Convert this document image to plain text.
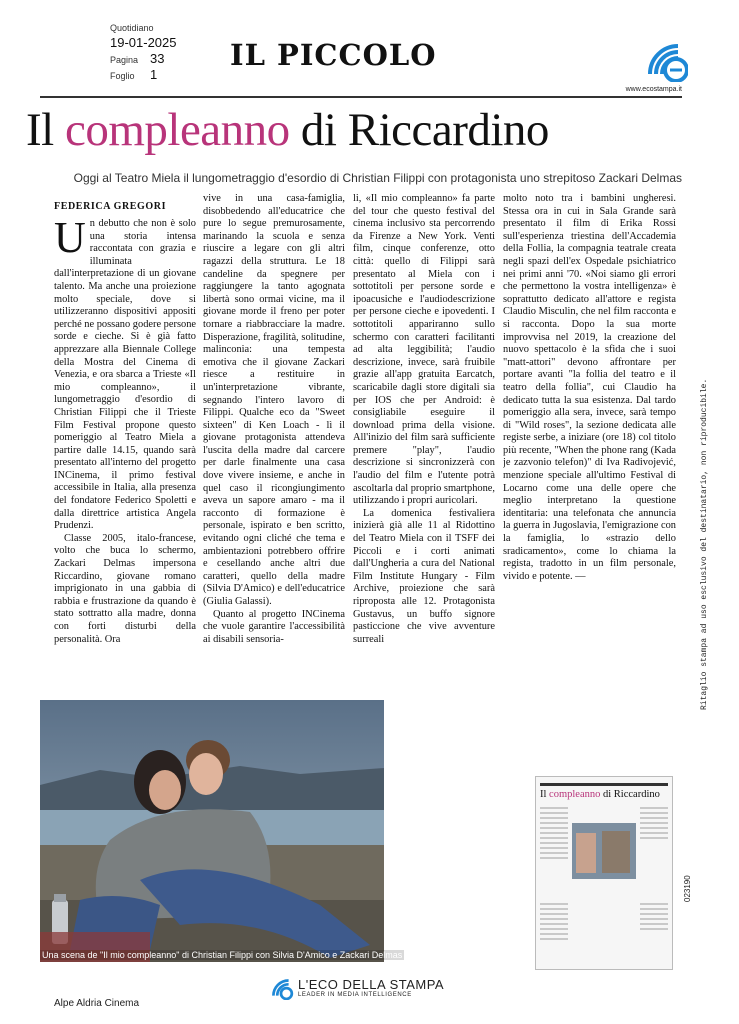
Quotidiano
19-01-2025
Pagina 33
Foglio 1
IL PICCOLO
www.ecostampa.it
Il compleanno di Riccardino
Oggi al Teatro Miela il lungometraggio d'esordio di Christian Filippi con protagonista uno strepitoso Zackari Delmas
FEDERICA GREGORI

Un debutto che non è solo una storia intensa raccontata con grazia e illuminata dall'interpretazione di un giovane talento. Ma anche una proiezione molto speciale, dove si utilizzeranno dispositivi appositi perché ne possano godere persone sorde e cieche. Si è già fatto apprezzare alla Biennale College della Mostra del Cinema di Venezia, e ora sbarca a Trieste «Il mio compleanno», il lungometraggio d'esordio di Christian Filippi che il Trieste Film Festival propone questo pomeriggio al Teatro Miela a partire dalle 14.15, quando sarà presentato all'interno del progetto INCinema, il primo festival accessibile in Italia, alla presenza del fondatore Federico Spoletti e dalla direttrice artistica Angela Prudenzi.

Classe 2005, italo-francese, volto che buca lo schermo, Zackari Delmas impersona Riccardino, giovane romano imprigionato in una gabbia di rabbia e frustrazione da quando è stato sottratto alla madre, donna con forti disturbi della personalità. Ora

vive in una casa-famiglia, disobbedendo all'educatrice che pure lo segue premurosamente, marinando la scuola e senza riuscire a legare con gli altri ragazzi della struttura. Le 18 candeline da spegnere per raggiungere la tanto agognata libertà sono ormai vicine, ma il giovane morde il freno per poter tornare a riabbracciare la madre. Disperazione, fragilità, solitudine, malinconia: una tempesta emotiva che il giovane Zackari riesce a restituire in un'interpretazione vibrante, segnando l'intero lavoro di Filippi. Qualche eco da "Sweet sixteen" di Ken Loach - lì il giovane protagonista attendeva l'uscita della madre dal carcere per darle finalmente una casa dove vivere insieme, e anche in quel caso il ricongiungimento aveva un sapore amaro - ma il racconto di formazione è personale, ispirato e ben scritto, evitando ogni cliché che tema e ambientazioni potrebbero offrire e cesellando anche altri due caratteri, quello della madre (Silvia D'Amico) e dell'educatrice (Giulia Galassi).

Quanto al progetto INCinema che vuole garantire l'accessibilità ai disabili sensoria-

li, «Il mio compleanno» fa parte del tour che questo festival del cinema inclusivo sta percorrendo da Firenze a New York. Venti film, cinque conferenze, otto città: quello di Filippi sarà presentato al Miela con i sottotitoli per persone sorde e ipoacusiche e l'audiodescrizione per persone cieche e ipovedenti. I sottotitoli appariranno sullo schermo con caratteri facilitanti ad alta leggibilità; l'audio descrizione, invece, sarà fruibile grazie all'app gratuita Earcatch, scaricabile dagli store digitali sia per IOS che per Android: è consigliabile eseguire il download prima della visione. All'inizio del film sarà sufficiente premere "play", l'audio descrizione si sincronizzerà con l'audio del film e l'utente potrà ascoltarla dal proprio smartphone, utilizzando i propri auricolari.

La domenica festivaliera inizierà già alle 11 al Ridottino del Teatro Miela con il TSFF dei Piccoli e i corti animati dall'Ungheria a cura del National Film Institute Hungary - Film Archive, proiezione che sarà riproposta alle 12. Protagonista Gustavus, un buffo signore pasticcione che vive avventure surreali

molto noto tra i bambini ungheresi. Stessa ora in cui in Sala Grande sarà presentato il film di Erika Rossi sull'esperienza triestina dell'Accademia della Follia, la compagnia teatrale creata negli spazi dell'ex Ospedale psichiatrico nei primi anni '70. «Noi siamo gli errori che permettono la vostra intelligenza» è soprattutto dedicato all'attore e regista Claudio Misculin, che nel film racconta e si racconta. Dopo la sua morte improvvisa nel 2019, la creazione del nuovo spettacolo è la sfida che i suoi "matt-attori" devono affrontare per portare avanti "la follia del teatro e il teatro della follia", cui Claudio ha dedicato tutta la sua esistenza. Dal tardo pomeriggio alla sera, invece, sarà tempo di "Wild roses", la sezione dedicata alle registe serbe, a iniziare (ore 18) col titolo più recente, "When the phone rang (Kada je zazvonio telefon)" di Iva Radivojević, menzione speciale all'ultimo Festival di Locarno come una delle opere che meglio interpretano la questione identitaria: una telefonata che annuncia la guerra in Jugoslavia, l'emigrazione con la famiglia, lo «strazio dello sradicamento», come lo chiama la regista, tradotto in un film personale, vivido e potente. —

Una scena de "Il mio compleanno" di Christian Filippi con Silvia D'Amico e Zackari Delmas
Il compleanno di Riccardino
Ritaglio stampa ad uso esclusivo del destinatario, non riproducibile.
023190
Alpe Aldria Cinema
L'ECO DELLA STAMPA
LEADER IN MEDIA INTELLIGENCE
